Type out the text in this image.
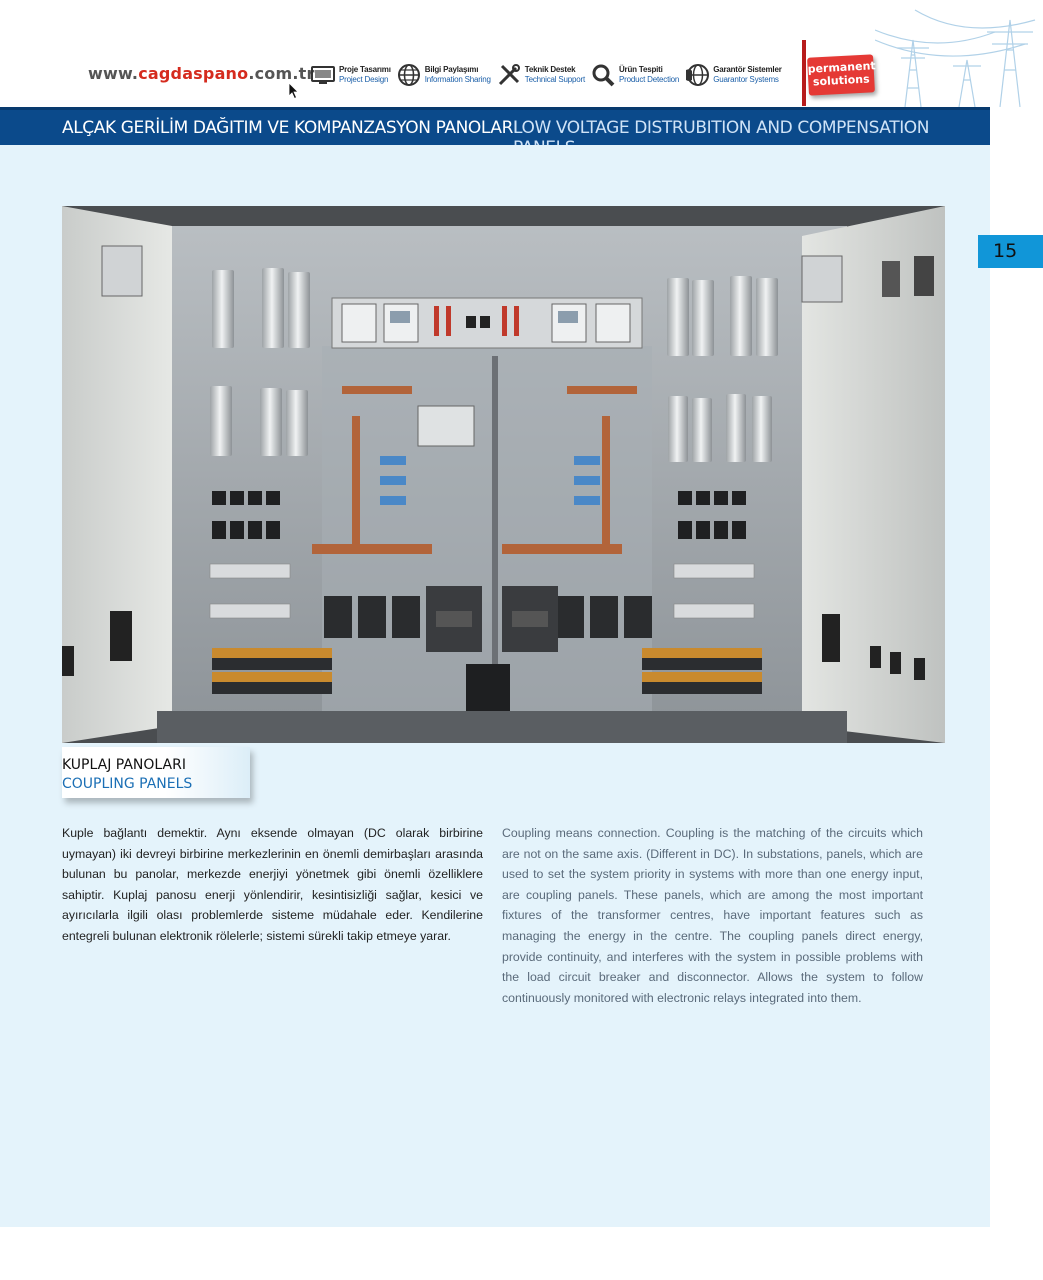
www.cagdaspano.com.tr	Proje Tasarımı
Project Design
Bilgi Paylaşımı
Information Sharing
Teknik Destek
Technical Support
Ürün Tespiti
Product Detection
Garantör Sistemler
Guarantor Systems
permanent
solutions
ALÇAK GERİLİM DAĞITIM VE KOMPANZASYON PANOLARI
LOW VOLTAGE DISTRUBITION AND COMPENSATION
15
KUPLAJ PANOLARI
COUPLING PANELS
Kuple bağlantı demektir. Aynı eksende olmayan (DC olarak birbirine uymayan) iki devreyi birbirine merkezlerinin en önemli demirbaşları arasında bulunan bu panolar, merkezde enerjiyi yönetmek gibi önemli özelliklere sahiptir. Kuplaj panosu enerji yönlendirir, kesintisizliği sağlar, kesici ve ayırıcılarla ilgili olası problemlerde sisteme müdahale eder. Kendilerine entegreli bulunan elektronik rölelerle; sistemi sürekli takip etmeye yarar.
Coupling means connection. Coupling is the matching of the circuits which are not on the same axis. (Different in DC). In substations, panels, which are used to set the system priority in systems with more than one energy input, are coupling panels. These panels, which are among the most important fixtures of the transformer centres, have important features such as managing the energy in the centre. The coupling panels direct energy, provide continuity, and interferes with the system in possible problems with the load circuit breaker and disconnector. Allows the system to follow continuously monitored with electronic relays integrated into them.
